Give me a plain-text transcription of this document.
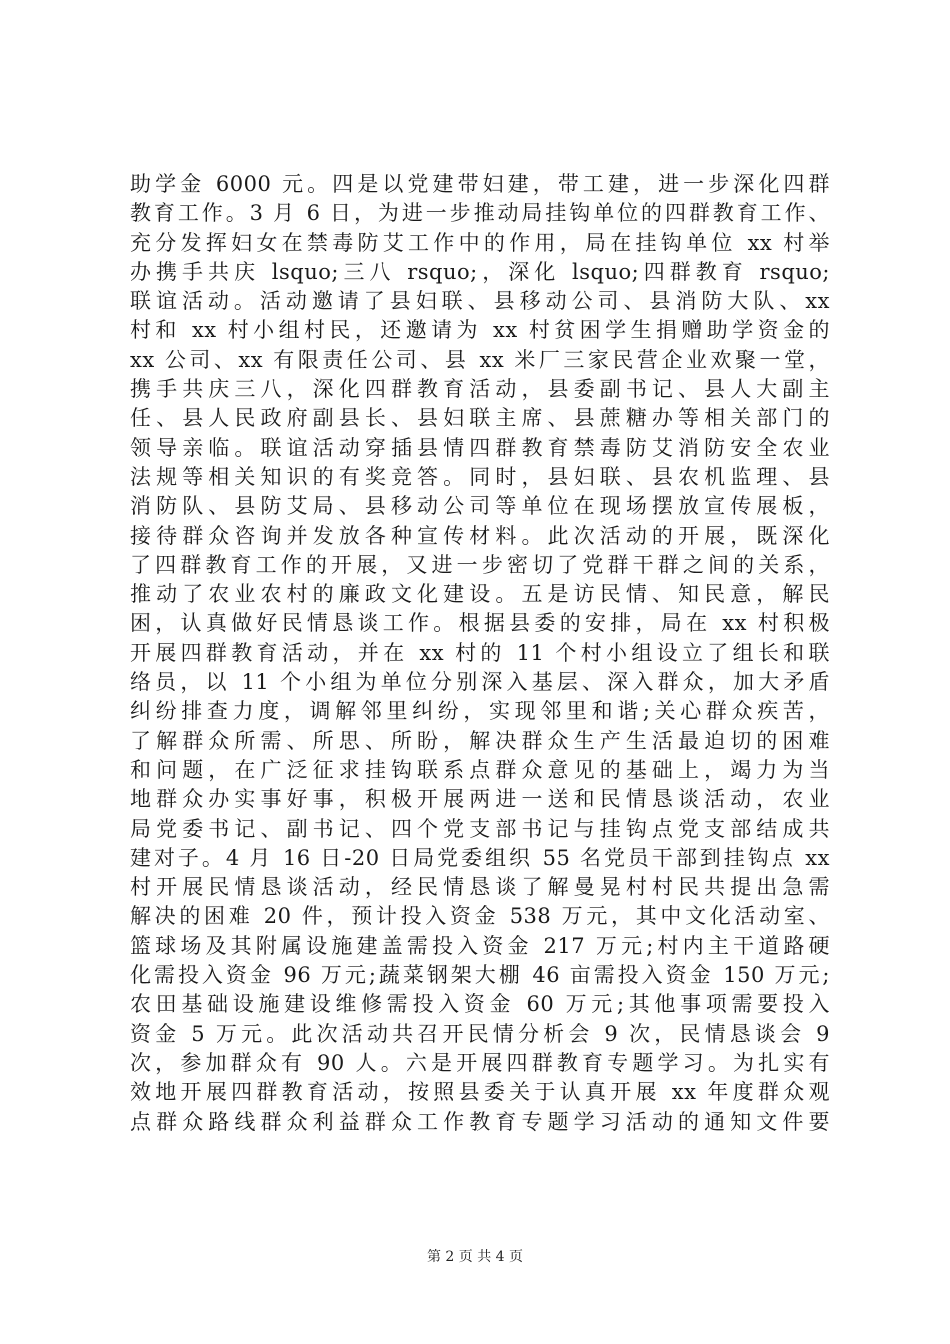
助学金 6000 元。四是以党建带妇建，带工建，进一步深化四群
教育工作。3 月 6 日，为进一步推动局挂钩单位的四群教育工作、
充分发挥妇女在禁毒防艾工作中的作用，局在挂钩单位 xx 村举
办携手共庆 lsquo;三八 rsquo;，深化 lsquo;四群教育 rsquo;
联谊活动。活动邀请了县妇联、县移动公司、县消防大队、xx
村和 xx 村小组村民，还邀请为 xx 村贫困学生捐赠助学资金的
xx 公司、xx 有限责任公司、县 xx 米厂三家民营企业欢聚一堂，
携手共庆三八，深化四群教育活动，县委副书记、县人大副主
任、县人民政府副县长、县妇联主席、县蔗糖办等相关部门的
领导亲临。联谊活动穿插县情四群教育禁毒防艾消防安全农业
法规等相关知识的有奖竞答。同时，县妇联、县农机监理、县
消防队、县防艾局、县移动公司等单位在现场摆放宣传展板，
接待群众咨询并发放各种宣传材料。此次活动的开展，既深化
了四群教育工作的开展，又进一步密切了党群干群之间的关系，
推动了农业农村的廉政文化建设。五是访民情、知民意，解民
困，认真做好民情恳谈工作。根据县委的安排，局在 xx 村积极
开展四群教育活动，并在 xx 村的 11 个村小组设立了组长和联
络员，以 11 个小组为单位分别深入基层、深入群众，加大矛盾
纠纷排查力度，调解邻里纠纷，实现邻里和谐;关心群众疾苦，
了解群众所需、所思、所盼，解决群众生产生活最迫切的困难
和问题，在广泛征求挂钩联系点群众意见的基础上，竭力为当
地群众办实事好事，积极开展两进一送和民情恳谈活动，农业
局党委书记、副书记、四个党支部书记与挂钩点党支部结成共
建对子。4 月 16 日-20 日局党委组织 55 名党员干部到挂钩点 xx
村开展民情恳谈活动，经民情恳谈了解曼晃村村民共提出急需
解决的困难 20 件，预计投入资金 538 万元，其中文化活动室、
篮球场及其附属设施建盖需投入资金 217 万元;村内主干道路硬
化需投入资金 96 万元;蔬菜钢架大棚 46 亩需投入资金 150 万元;
农田基础设施建设维修需投入资金 60 万元;其他事项需要投入
资金 5 万元。此次活动共召开民情分析会 9 次，民情恳谈会 9
次，参加群众有 90 人。六是开展四群教育专题学习。为扎实有
效地开展四群教育活动，按照县委关于认真开展 xx 年度群众观
点群众路线群众利益群众工作教育专题学习活动的通知文件要
第 2 页 共 4 页
